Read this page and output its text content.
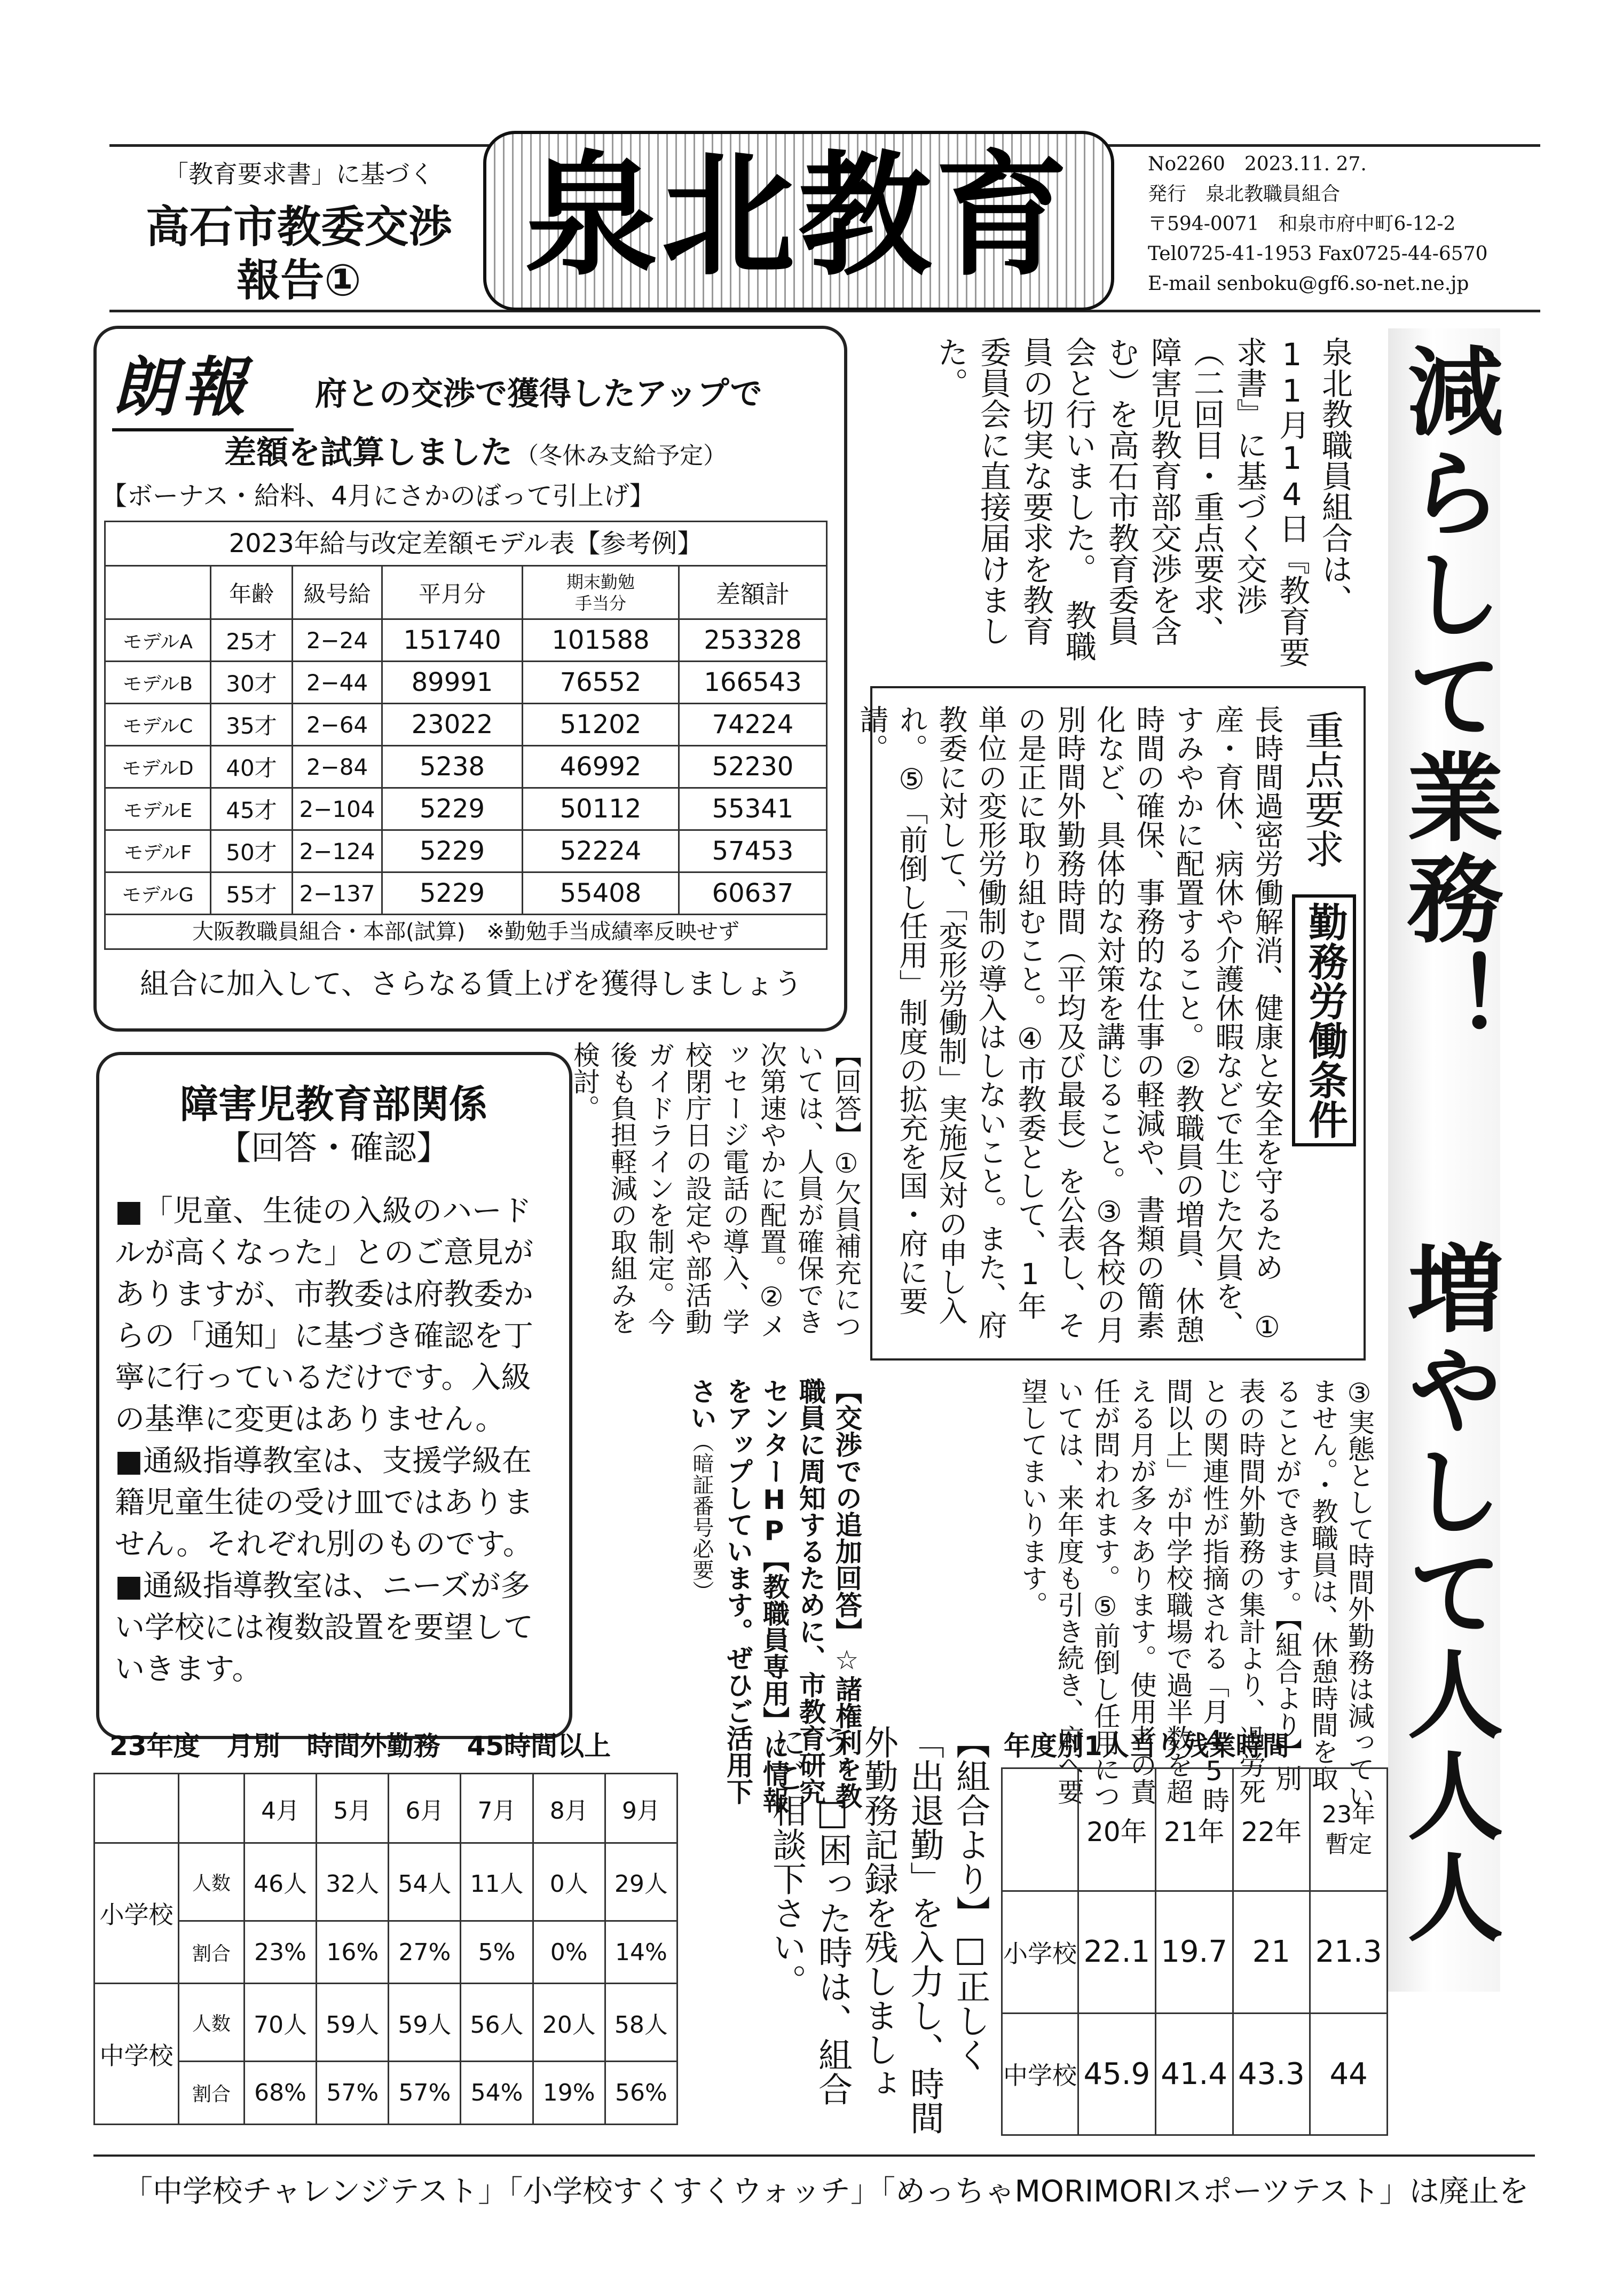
「教育要求書」に基づく
高石市教委交渉
報告①	泉北教育	No2260　 2023.11. 27.
発行　泉北教職員組合
〒594-0071　和泉市府中町6-12-2
Tel0725-41-1953 Fax0725-44-6570
E-mail senboku@gf6.so-net.ne.jp
朗報	府との交渉で獲得したアップで
差額を試算しました （冬休み支給予定）
【ボーナス・給料、4月にさかのぼって引上げ】
2023年給与改定差額モデル表【参考例】
	年齢	級号給	平月分	期末勤勉
手当分	差額計
モデルA	25才	2−24	151740	101588	253328
モデルB	30才	2−44	89991	76552	166543
モデルC	35才	2−64	23022	51202	74224
モデルD	40才	2−84	5238	46992	52230
モデルE	45才	2−104	5229	50112	55341
モデルF	50才	2−124	5229	52224	57453
モデルG	55才	2−137	5229	55408	60637
大阪教職員組合・本部(試算)　※勤勉手当成績率反映せず
組合に加入して、さらなる賃上げを獲得しましょう
泉北教職員組合は、11月14日『教育要求書』に基づく交渉（二回目・重点要求、障害児教育部交渉を含む）を高石市教育委員会と行いました。　教職員の切実な要求を教育委員会に直接届けました。	減らして業務！
増やして人人人
重点要求
勤務労働条件
長時間過密労働解消、健康と安全を守るため　①産・育休、病休や介護休暇などで生じた欠員を、すみやかに配置すること。②教職員の増員、休憩時間の確保、事務的な仕事の軽減や、書類の簡素化など、具体的な対策を講じること。③各校の月別時間外勤務時間（平均及び最長）を公表し、その是正に取り組むこと。④市教委として、1年単位の変形労働制の導入はしないこと。また、府教委に対して、「変形労働制」実施反対の申し入れ。⑤「前倒し任用」制度の拡充を国・府に要請。
【回答】①欠員補充については、人員が確保でき次第速やかに配置。②メッセージ電話の導入、学校閉庁日の設定や部活動ガイドラインを制定。今後も負担軽減の取組みを検討。
③実態として時間外勤務は減っていません。・教職員は、休憩時間を取ることができます。【組合より】別表の時間外勤務の集計より、過労死との関連性が指摘される「月45時間以上」が中学校職場で過半数を超える月が多々あります。使用者の責任が問われます。⑤前倒し任用については、来年度も引き続き、府へ要望してまいります。
【交渉での追加回答】☆諸権利を教職員に周知するために、市教育研究センターHP【教職員専用】に情報をアップしています。ぜひご活用下さい（暗証番号必要）
障害児教育部関係
【回答・確認】
■「児童、生徒の入級のハードルが高くなった」とのご意見がありますが、市教委は府教委からの「通知」に基づき確認を丁寧に行っているだけです。入級の基準に変更はありません。
■通級指導教室は、支援学級在籍児童生徒の受け皿ではありません。それぞれ別のものです。
■通級指導教室は、ニーズが多い学校には複数設置を要望していきます。
23年度　月別　時間外勤務　45時間以上
		4月	5月	6月	7月	8月	9月
小学校	人数	46人	32人	54人	11人	0人	29人
	割合	23%	16%	27%	5%	0%	14%
中学校	人数	70人	59人	59人	56人	20人	58人
	割合	68%	57%	57%	54%	19%	56%
【組合より】□正しく「出退勤」を入力し、時間外勤務記録を残しましょう。□困った時は、組合にご相談下さい。	年度別1人当り残業時間
	20年	21年	22年	23年
暫定
小学校	22.1	19.7	21	21.3
中学校	45.9	41.4	43.3	44
「中学校チャレンジテスト」「小学校すくすくウォッチ」「めっちゃMORIMORIスポーツテスト」は廃止を
